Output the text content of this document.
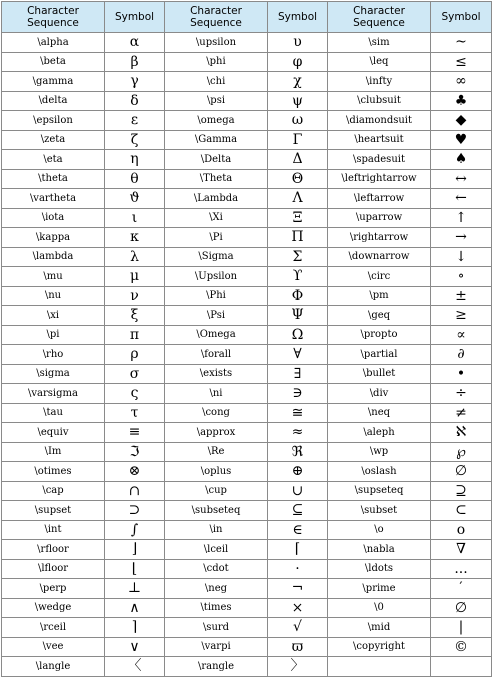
Character Sequence	Symbol	Character Sequence	Symbol	Character Sequence	Symbol
\alpha	α	\upsilon	υ	\sim	~
\beta	β	\phi	φ	\leq	≤
\gamma	γ	\chi	χ	\infty	∞
\delta	δ	\psi	ψ	\clubsuit	♣
\epsilon	ε	\omega	ω	\diamondsuit	◆
\zeta	ζ	\Gamma	Γ	\heartsuit	♥
\eta	η	\Delta	Δ	\spadesuit	♠
\theta	θ	\Theta	Θ	\leftrightarrow	↔
\vartheta	ϑ	\Lambda	Λ	\leftarrow	←
\iota	ι	\Xi	Ξ	\uparrow	↑
\kappa	κ	\Pi	Π	\rightarrow	→
\lambda	λ	\Sigma	Σ	\downarrow	↓
\mu	μ	\Upsilon	ϒ	\circ	∘
\nu	ν	\Phi	Φ	\pm	±
\xi	ξ	\Psi	Ψ	\geq	≥
\pi	π	\Omega	Ω	\propto	∝
\rho	ρ	\forall	∀	\partial	∂
\sigma	σ	\exists	∃	\bullet	•
\varsigma	ς	\ni	∋	\div	÷
\tau	τ	\cong	≅	\neq	≠
\equiv	≡	\approx	≈	\aleph	ℵ
\Im	ℑ	\Re	ℜ	\wp	℘
\otimes	⊗	\oplus	⊕	\oslash	∅
\cap	∩	\cup	∪	\supseteq	⊇
\supset	⊃	\subseteq	⊆	\subset	⊂
\int	∫	\in	∈	\o	ο
\rfloor	⌋	\lceil	⌈	\nabla	∇
\lfloor	⌊	\cdot	·	\ldots	...
\perp	⊥	\neg	¬	\prime	′
\wedge	∧	\times	×	\0	∅
\rceil	⌉	\surd	√	\mid	|
\vee	∨	\varpi	ϖ	\copyright	©
\langle	〈	\rangle	〉		
